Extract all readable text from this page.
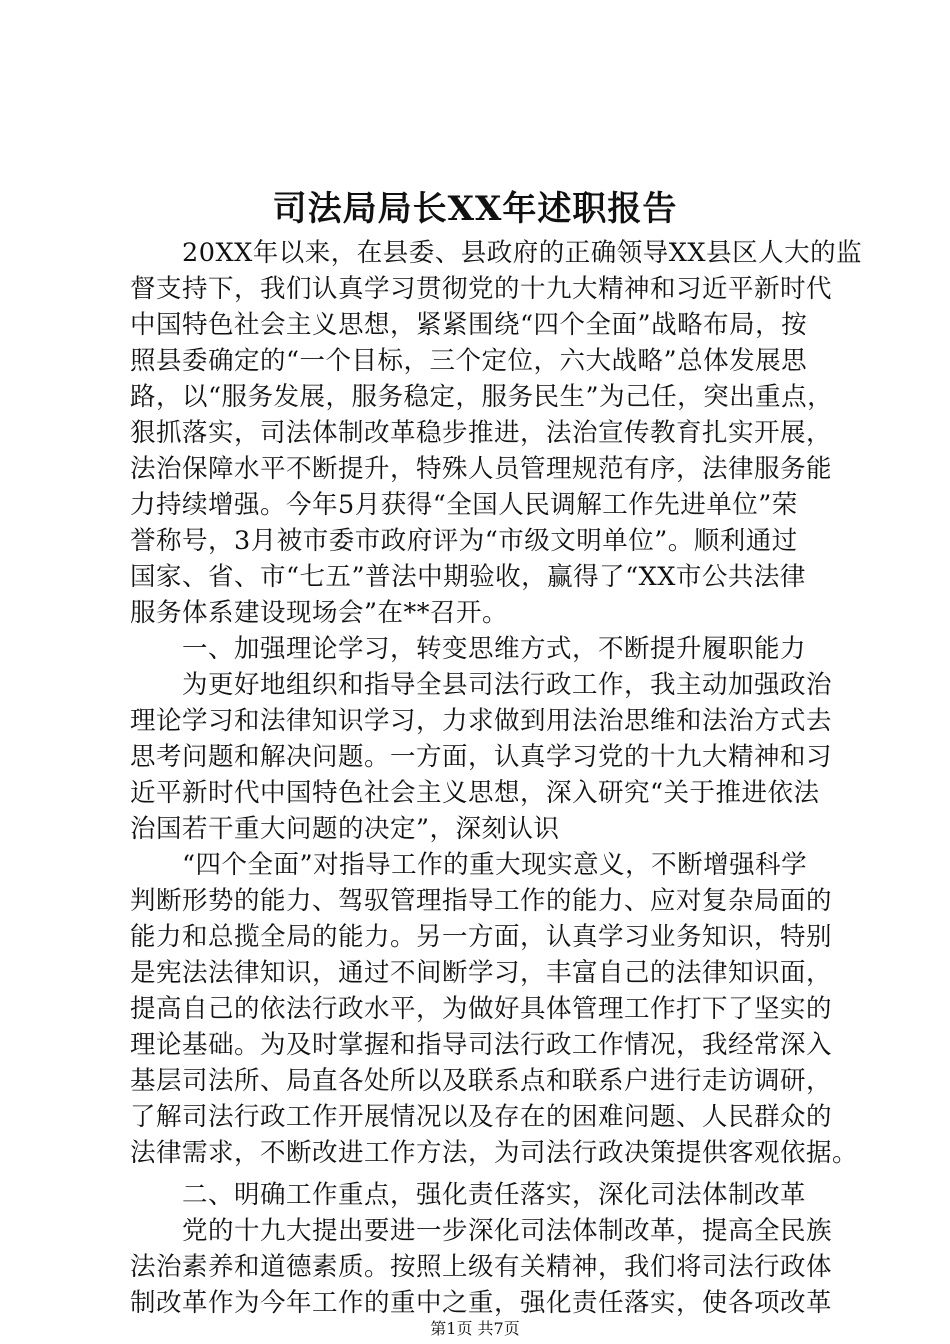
司法局局长XX年述职报告
　　20XX年以来，在县委、县政府的正确领导XX县区人大的监
督支持下，我们认真学习贯彻党的十九大精神和习近平新时代
中国特色社会主义思想，紧紧围绕“四个全面”战略布局，按
照县委确定的“一个目标，三个定位，六大战略”总体发展思
路，以“服务发展，服务稳定，服务民生”为己任，突出重点，
狠抓落实，司法体制改革稳步推进，法治宣传教育扎实开展，
法治保障水平不断提升，特殊人员管理规范有序，法律服务能
力持续增强。今年5月获得“全国人民调解工作先进单位”荣
誉称号，3月被市委市政府评为“市级文明单位”。顺利通过
国家、省、市“七五”普法中期验收，赢得了“XX市公共法律
服务体系建设现场会”在**召开。
　　一、加强理论学习，转变思维方式，不断提升履职能力
　　为更好地组织和指导全县司法行政工作，我主动加强政治
理论学习和法律知识学习，力求做到用法治思维和法治方式去
思考问题和解决问题。一方面，认真学习党的十九大精神和习
近平新时代中国特色社会主义思想，深入研究“关于推进依法
治国若干重大问题的决定”，深刻认识
　　“四个全面”对指导工作的重大现实意义，不断增强科学
判断形势的能力、驾驭管理指导工作的能力、应对复杂局面的
能力和总揽全局的能力。另一方面，认真学习业务知识，特别
是宪法法律知识，通过不间断学习，丰富自己的法律知识面，
提高自己的依法行政水平，为做好具体管理工作打下了坚实的
理论基础。为及时掌握和指导司法行政工作情况，我经常深入
基层司法所、局直各处所以及联系点和联系户进行走访调研，
了解司法行政工作开展情况以及存在的困难问题、人民群众的
法律需求，不断改进工作方法，为司法行政决策提供客观依据。
　　二、明确工作重点，强化责任落实，深化司法体制改革
　　党的十九大提出要进一步深化司法体制改革，提高全民族
法治素养和道德素质。按照上级有关精神，我们将司法行政体
制改革作为今年工作的重中之重，强化责任落实，使各项改革
第1页 共7页
